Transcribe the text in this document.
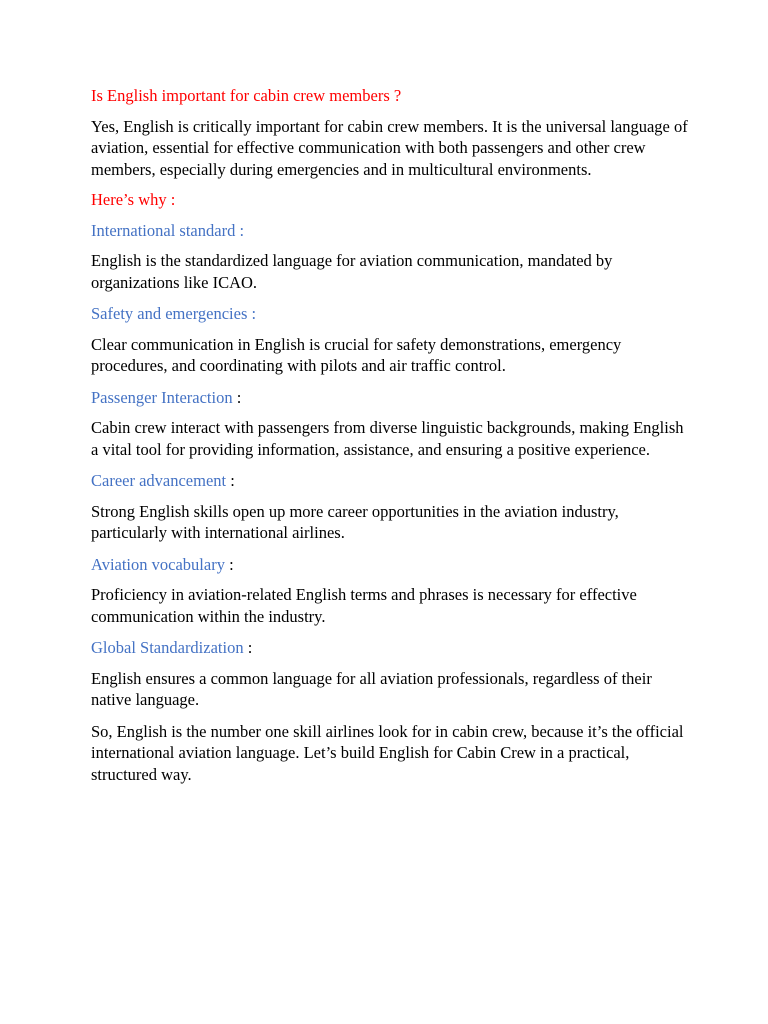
Is English important for cabin crew members ?

Yes, English is critically important for cabin crew members. It is the universal language of aviation, essential for effective communication with both passengers and other crew members, especially during emergencies and in multicultural environments.

Here’s why :

International standard :

English is the standardized language for aviation communication, mandated by organizations like ICAO.

Safety and emergencies :

Clear communication in English is crucial for safety demonstrations, emergency procedures, and coordinating with pilots and air traffic control.

Passenger Interaction :

Cabin crew interact with passengers from diverse linguistic backgrounds, making English a vital tool for providing information, assistance, and ensuring a positive experience.

Career advancement :

Strong English skills open up more career opportunities in the aviation industry, particularly with international airlines.

Aviation vocabulary :

Proficiency in aviation-related English terms and phrases is necessary for effective communication within the industry.

Global Standardization :

English ensures a common language for all aviation professionals, regardless of their native language.

So, English is the number one skill airlines look for in cabin crew, because it’s the official international aviation language. Let’s build English for Cabin Crew in a practical, structured way.
